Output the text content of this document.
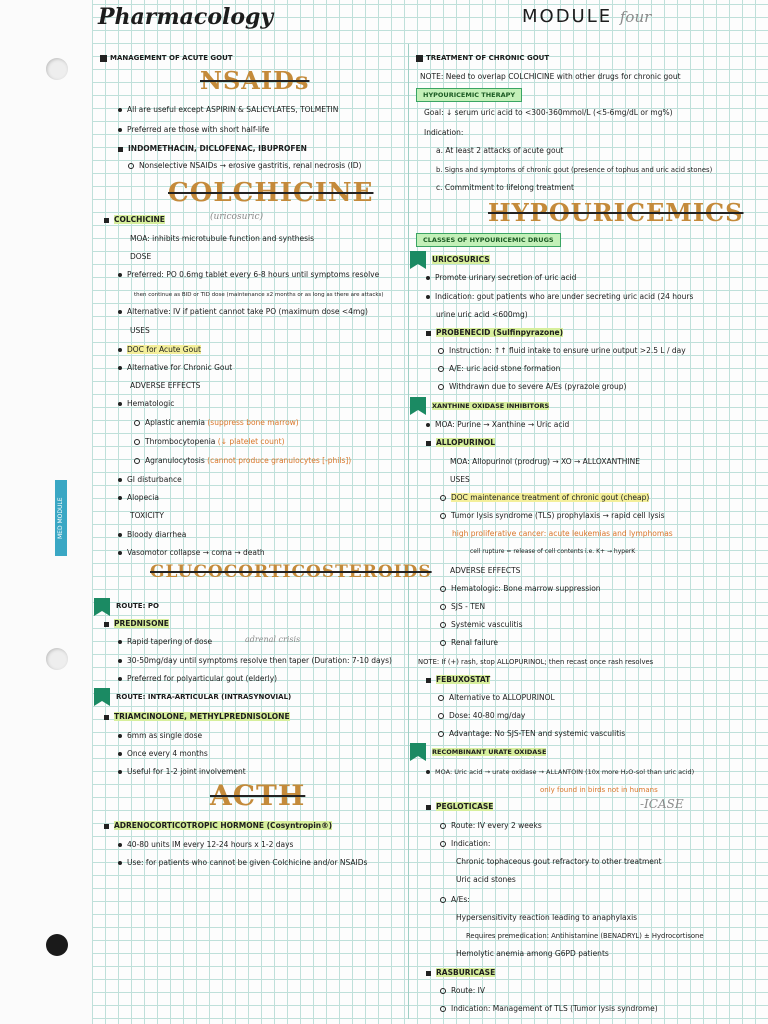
MED MODULE
Pharmacology	MODULE four
MANAGEMENT OF ACUTE GOUT
NSAIDs
All are useful except ASPIRIN & SALICYLATES, TOLMETIN
Preferred are those with short half-life
INDOMETHACIN, DICLOFENAC, IBUPROFEN
Nonselective NSAIDs → erosive gastritis, renal necrosis (ID)
COLCHICINE
(uricosuric)
COLCHICINE
MOA: inhibits microtubule function and synthesis
DOSE
Preferred: PO 0.6mg tablet every 6-8 hours until symptoms resolve
then continue as BID or TID dose (maintenance x2 months or as long as there are attacks)
Alternative: IV if patient cannot take PO (maximum dose <4mg)
USES
DOC for Acute Gout
Alternative for Chronic Gout
ADVERSE EFFECTS
Hematologic
Aplastic anemia (suppress bone marrow)
Thrombocytopenia (↓ platelet count)
Agranulocytosis (cannot produce granulocytes [-phils])
GI disturbance
Alopecia
TOXICITY
Bloody diarrhea
Vasomotor collapse → coma → death
GLUCOCORTICOSTEROIDS
ROUTE: PO
PREDNISONE
Rapid tapering of dose	adrenal crisis
30-50mg/day until symptoms resolve then taper (Duration: 7-10 days)
Preferred for polyarticular gout (elderly)
ROUTE: INTRA-ARTICULAR (INTRASYNOVIAL)
TRIAMCINOLONE, METHYLPREDNISOLONE
6mm as single dose
Once every 4 months
Useful for 1-2 joint involvement
ACTH
ADRENOCORTICOTROPIC HORMONE (Cosyntropin®)
40-80 units IM every 12-24 hours x 1-2 days
Use: for patients who cannot be given Colchicine and/or NSAIDs
TREATMENT OF CHRONIC GOUT
NOTE: Need to overlap COLCHICINE with other drugs for chronic gout
HYPOURICEMIC THERAPY
Goal: ↓ serum uric acid to <300-360mmol/L (<5-6mg/dL or mg%)
Indication:
a. At least 2 attacks of acute gout
b. Signs and symptoms of chronic gout (presence of tophus and uric acid stones)
c. Commitment to lifelong treatment
HYPOURICEMICS
CLASSES OF HYPOURICEMIC DRUGS
URICOSURICS
Promote urinary secretion of uric acid
Indication: gout patients who are under secreting uric acid (24 hours
urine uric acid <600mg)
PROBENECID (Sulfinpyrazone)
Instruction: ↑↑ fluid intake to ensure urine output >2.5 L / day
A/E: uric acid stone formation
Withdrawn due to severe A/Es (pyrazole group)
XANTHINE OXIDASE INHIBITORS
MOA: Purine → Xanthine → Uric acid
ALLOPURINOL
MOA: Allopurinol (prodrug) → XO → ALLOXANTHINE
USES
DOC maintenance treatment of chronic gout (cheap)
Tumor lysis syndrome (TLS) prophylaxis → rapid cell lysis
high proliferative cancer: acute leukemias and lymphomas
cell rupture = release of cell contents i.e. K+ → hyperK
ADVERSE EFFECTS
Hematologic: Bone marrow suppression
SJS - TEN
Systemic vasculitis
Renal failure
NOTE: If (+) rash, stop ALLOPURINOL; then recast once rash resolves
FEBUXOSTAT
Alternative to ALLOPURINOL
Dose: 40-80 mg/day
Advantage: No SJS-TEN and systemic vasculitis
RECOMBINANT URATE OXIDASE
MOA: Uric acid → urate oxidase → ALLANTOIN (10x more H₂O-sol than uric acid)
only found in birds not in humans
-ICASE
PEGLOTICASE
Route: IV every 2 weeks
Indication:
Chronic tophaceous gout refractory to other treatment
Uric acid stones
A/Es:
Hypersensitivity reaction leading to anaphylaxis
Requires premedication: Antihistamine (BENADRYL) ± Hydrocortisone
Hemolytic anemia among G6PD patients
RASBURICASE
Route: IV
Indication: Management of TLS (Tumor lysis syndrome)
